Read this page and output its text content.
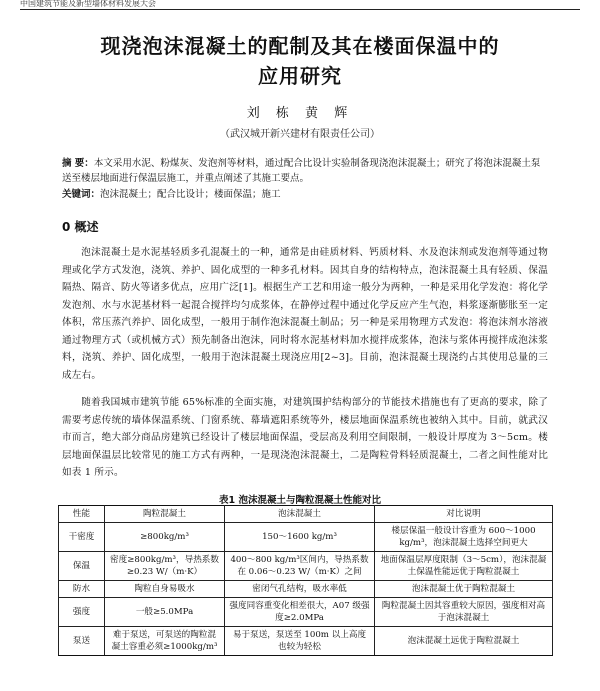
中国建筑节能及新型墙体材料发展大会
现浇泡沫混凝土的配制及其在楼面保温中的
应用研究
刘 栋 黄 辉
（武汉城开新兴建材有限责任公司）
摘 要：本文采用水泥、粉煤灰、发泡剂等材料，通过配合比设计实验制备现浇泡沫混凝土；研究了将泡沫混凝土泵送至楼层地面进行保温层施工，并重点阐述了其施工要点。
关键词：泡沫混凝土；配合比设计；楼面保温；施工
0 概述
泡沫混凝土是水泥基轻质多孔混凝土的一种，通常是由硅质材料、钙质材料、水及泡沫剂或发泡剂等通过物理或化学方式发泡，浇筑、养护、固化成型的一种多孔材料。因其自身的结构特点，泡沫混凝土具有轻质、保温隔热、隔音、防火等诸多优点，应用广泛[1]。根据生产工艺和用途一般分为两种，一种是采用化学发泡：将化学发泡剂、水与水泥基材料一起混合搅拌均匀成浆体，在静停过程中通过化学反应产生气泡，料浆逐渐膨胀至一定体积，常压蒸汽养护、固化成型，一般用于制作泡沫混凝土制品；另一种是采用物理方式发泡：将泡沫剂水溶液通过物理方式（或机械方式）预先制备出泡沫，同时将水泥基材料加水搅拌成浆体，泡沫与浆体再搅拌成泡沫浆料，浇筑、养护、固化成型，一般用于泡沫混凝土现浇应用[2~3]。目前，泡沫混凝土现浇约占其使用总量的三成左右。
随着我国城市建筑节能 65%标准的全面实施，对建筑围护结构部分的节能技术措施也有了更高的要求，除了需要考虑传统的墙体保温系统、门窗系统、幕墙遮阳系统等外，楼层地面保温系统也被纳入其中。目前，就武汉市而言，绝大部分商品房建筑已经设计了楼层地面保温，受层高及利用空间限制，一般设计厚度为 3～5cm。楼层地面保温层比较常见的施工方式有两种，一是现浇泡沫混凝土，二是陶粒骨料轻质混凝土，二者之间性能对比如表 1 所示。
表1 泡沫混凝土与陶粒混凝土性能对比
性能	陶粒混凝土	泡沫混凝土	对比说明
干密度	≥800kg/m³	150～1600 kg/m³	楼层保温一般设计容重为 600～1000 kg/m³，泡沫混凝土选择空间更大
保温	密度≥800kg/m³，导热系数≥0.23 W/（m·K）	400～800 kg/m³区间内，导热系数在 0.06～0.23 W/（m·K）之间	地面保温层厚度限制（3～5cm），泡沫混凝土保温性能远优于陶粒混凝土
防水	陶粒自身易吸水	密闭气孔结构，吸水率低	泡沫混凝土优于陶粒混凝土
强度	一般≥5.0MPa	强度同容重变化相差很大，A07 级强度≥2.0MPa	陶粒混凝土因其容重较大原因，强度相对高于泡沫混凝土
泵送	难于泵送，可泵送的陶粒混凝土容重必须≥1000kg/m³	易于泵送，泵送至 100m 以上高度也较为轻松	泡沫混凝土远优于陶粒混凝土
